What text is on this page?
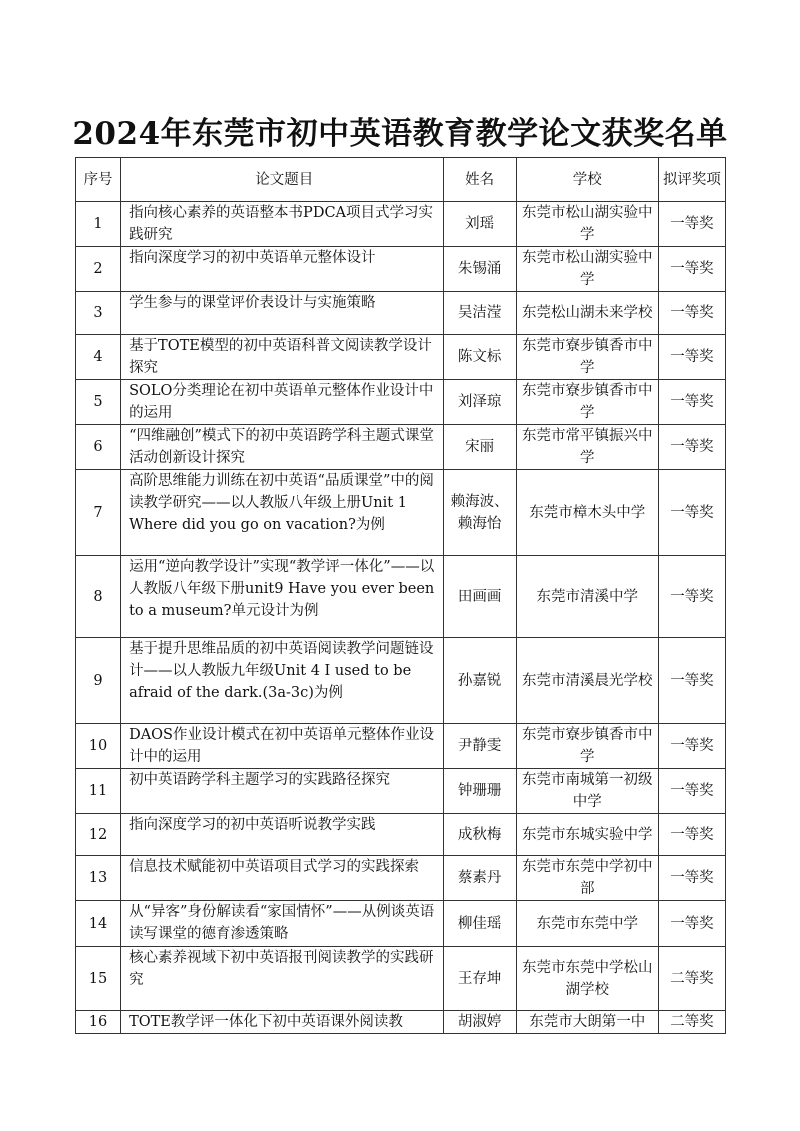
2024年东莞市初中英语教育教学论文获奖名单
序号	论文题目	姓名	学校	拟评奖项
1	指向核心素养的英语整本书PDCA项目式学习实践研究	刘瑶	东莞市松山湖实验中学	一等奖
2	指向深度学习的初中英语单元整体设计	朱锡涌	东莞市松山湖实验中学	一等奖
3	学生参与的课堂评价表设计与实施策略	吴洁滢	东莞松山湖未来学校	一等奖
4	基于TOTE模型的初中英语科普文阅读教学设计探究	陈文标	东莞市寮步镇香市中学	一等奖
5	SOLO分类理论在初中英语单元整体作业设计中的运用	刘泽琼	东莞市寮步镇香市中学	一等奖
6	“四维融创”模式下的初中英语跨学科主题式课堂活动创新设计探究	宋丽	东莞市常平镇振兴中学	一等奖
7	高阶思维能力训练在初中英语“品质课堂”中的阅读教学研究——以人教版八年级上册Unit 1 Where did you go on vacation?为例	赖海波、赖海怡	东莞市樟木头中学	一等奖
8	运用“逆向教学设计”实现“教学评一体化”——以人教版八年级下册unit9 Have you ever been to a museum?单元设计为例	田画画	东莞市清溪中学	一等奖
9	基于提升思维品质的初中英语阅读教学问题链设计——以人教版九年级Unit 4 I used to be afraid of the dark.(3a-3c)为例	孙嘉锐	东莞市清溪晨光学校	一等奖
10	DAOS作业设计模式在初中英语单元整体作业设计中的运用	尹静雯	东莞市寮步镇香市中学	一等奖
11	初中英语跨学科主题学习的实践路径探究	钟珊珊	东莞市南城第一初级中学	一等奖
12	指向深度学习的初中英语听说教学实践	成秋梅	东莞市东城实验中学	一等奖
13	信息技术赋能初中英语项目式学习的实践探索	蔡素丹	东莞市东莞中学初中部	一等奖
14	从“异客”身份解读看“家国情怀”——从例谈英语读写课堂的德育渗透策略	柳佳瑶	东莞市东莞中学	一等奖
15	核心素养视域下初中英语报刊阅读教学的实践研究	王存坤	东莞市东莞中学松山湖学校	二等奖
16	TOTE教学评一体化下初中英语课外阅读教	胡淑婷	东莞市大朗第一中	二等奖
